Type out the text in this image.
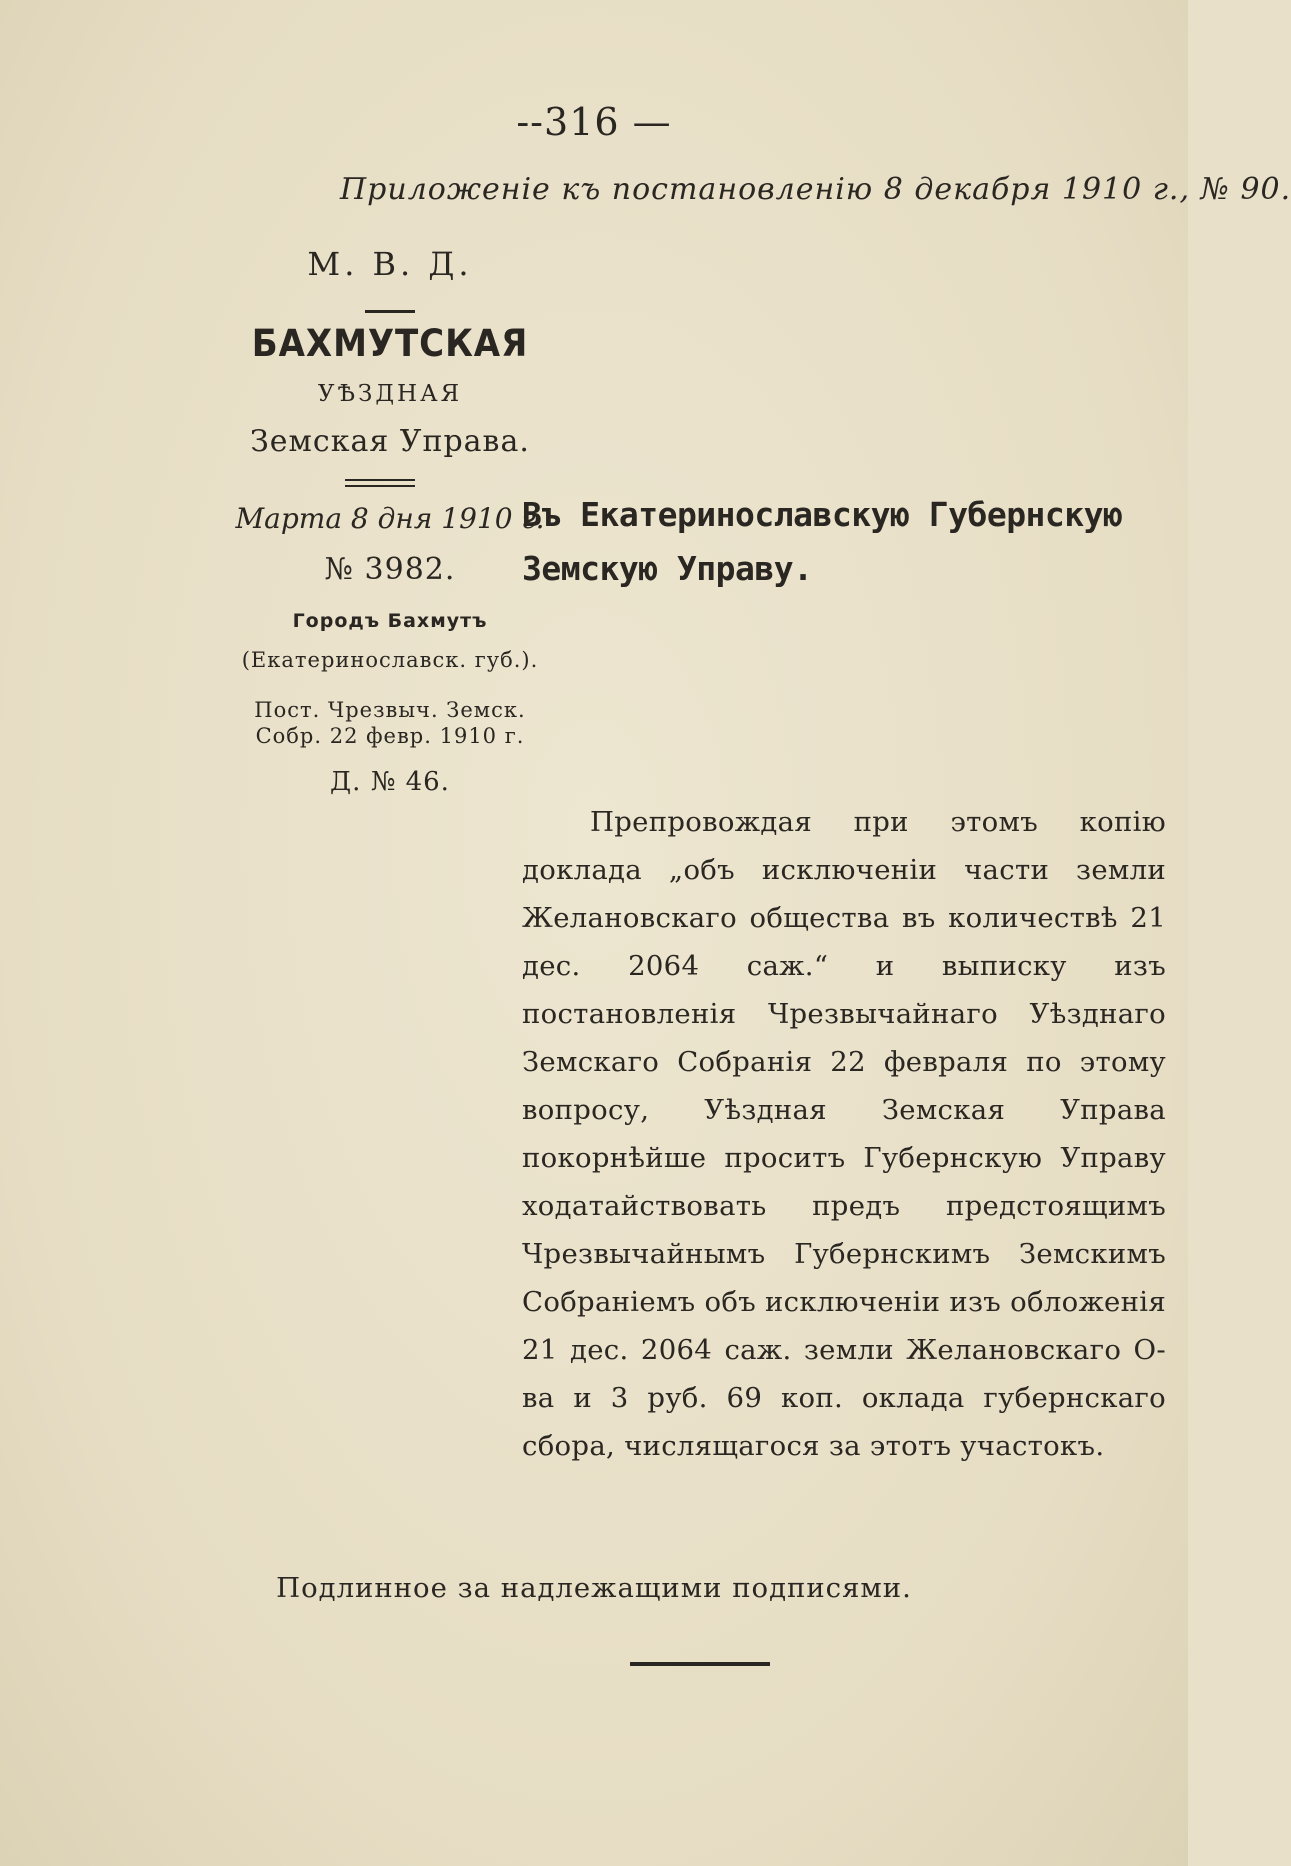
--316 —
Приложеніе къ постановленію 8 декабря 1910 г., № 90.
М. В. Д.
БАХМУТСКАЯ
УѢЗДНАЯ
Земская Управа.
Марта 8 дня 1910 г.
№ 3982.
Городъ Бахмутъ
(Екатеринославск. губ.).
Пост. Чрезвыч. Земск.
Собр. 22 февр. 1910 г.
Д. № 46.
Въ Екатеринославскую Губернскую Земскую Управу.
Препровождая при этомъ копію доклада „объ исключеніи части земли Желановскаго общества въ количествѣ 21 дес. 2064 саж.“ и выписку изъ постановленія Чрезвычайнаго Уѣзднаго Земскаго Собранія 22 февраля по этому вопросу, Уѣздная Земская Управа покорнѣйше проситъ Губернскую Управу ходатайствовать предъ предстоящимъ Чрезвычайнымъ Губернскимъ Земскимъ Собраніемъ объ исключеніи изъ обложенія 21 дес. 2064 саж. земли Желановскаго О-ва и 3 руб. 69 коп. оклада губернскаго сбора, числящагося за этотъ участокъ.
Подлинное за надлежащими подписями.
